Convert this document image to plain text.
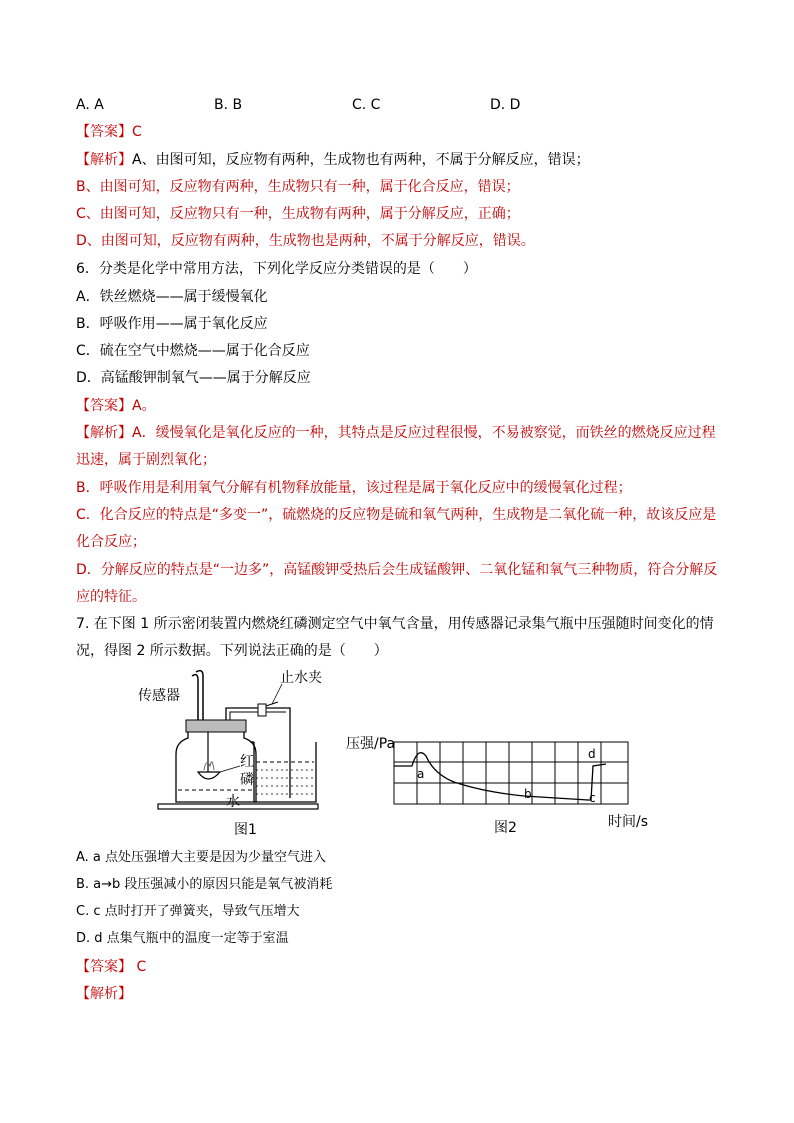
A. A	B. B	C. C	D. D
【答案】C
【解析】A、由图可知，反应物有两种，生成物也有两种，不属于分解反应，错误；
B、由图可知，反应物有两种，生成物只有一种，属于化合反应，错误；
C、由图可知，反应物只有一种，生成物有两种，属于分解反应，正确；
D、由图可知，反应物有两种，生成物也是两种，不属于分解反应，错误。
6．分类是化学中常用方法，下列化学反应分类错误的是（　　）
A．铁丝燃烧——属于缓慢氧化
B．呼吸作用——属于氧化反应
C．硫在空气中燃烧——属于化合反应
D．高锰酸钾制氧气——属于分解反应
【答案】A。
【解析】A．缓慢氧化是氧化反应的一种，其特点是反应过程很慢，不易被察觉，而铁丝的燃烧反应过程
迅速，属于剧烈氧化；
B．呼吸作用是利用氧气分解有机物释放能量，该过程是属于氧化反应中的缓慢氧化过程；
C．化合反应的特点是“多变一”，硫燃烧的反应物是硫和氧气两种，生成物是二氧化硫一种，故该反应是
化合反应；
D．分解反应的特点是“一边多”，高锰酸钾受热后会生成锰酸钾、二氧化锰和氧气三种物质，符合分解反
应的特征。
7. 在下图 1 所示密闭装置内燃烧红磷测定空气中氧气含量，用传感器记录集气瓶中压强随时间变化的情
况，得图 2 所示数据。下列说法正确的是（　　）
传感器
止水夹
红
磷
水
图1
压强/Pa
a
b	c
d
图2	时间/s
A. a 点处压强增大主要是因为少量空气进入
B. a→b 段压强减小的原因只能是氧气被消耗
C. c 点时打开了弹簧夹，导致气压增大
D. d 点集气瓶中的温度一定等于室温
【答案】 C
【解析】
